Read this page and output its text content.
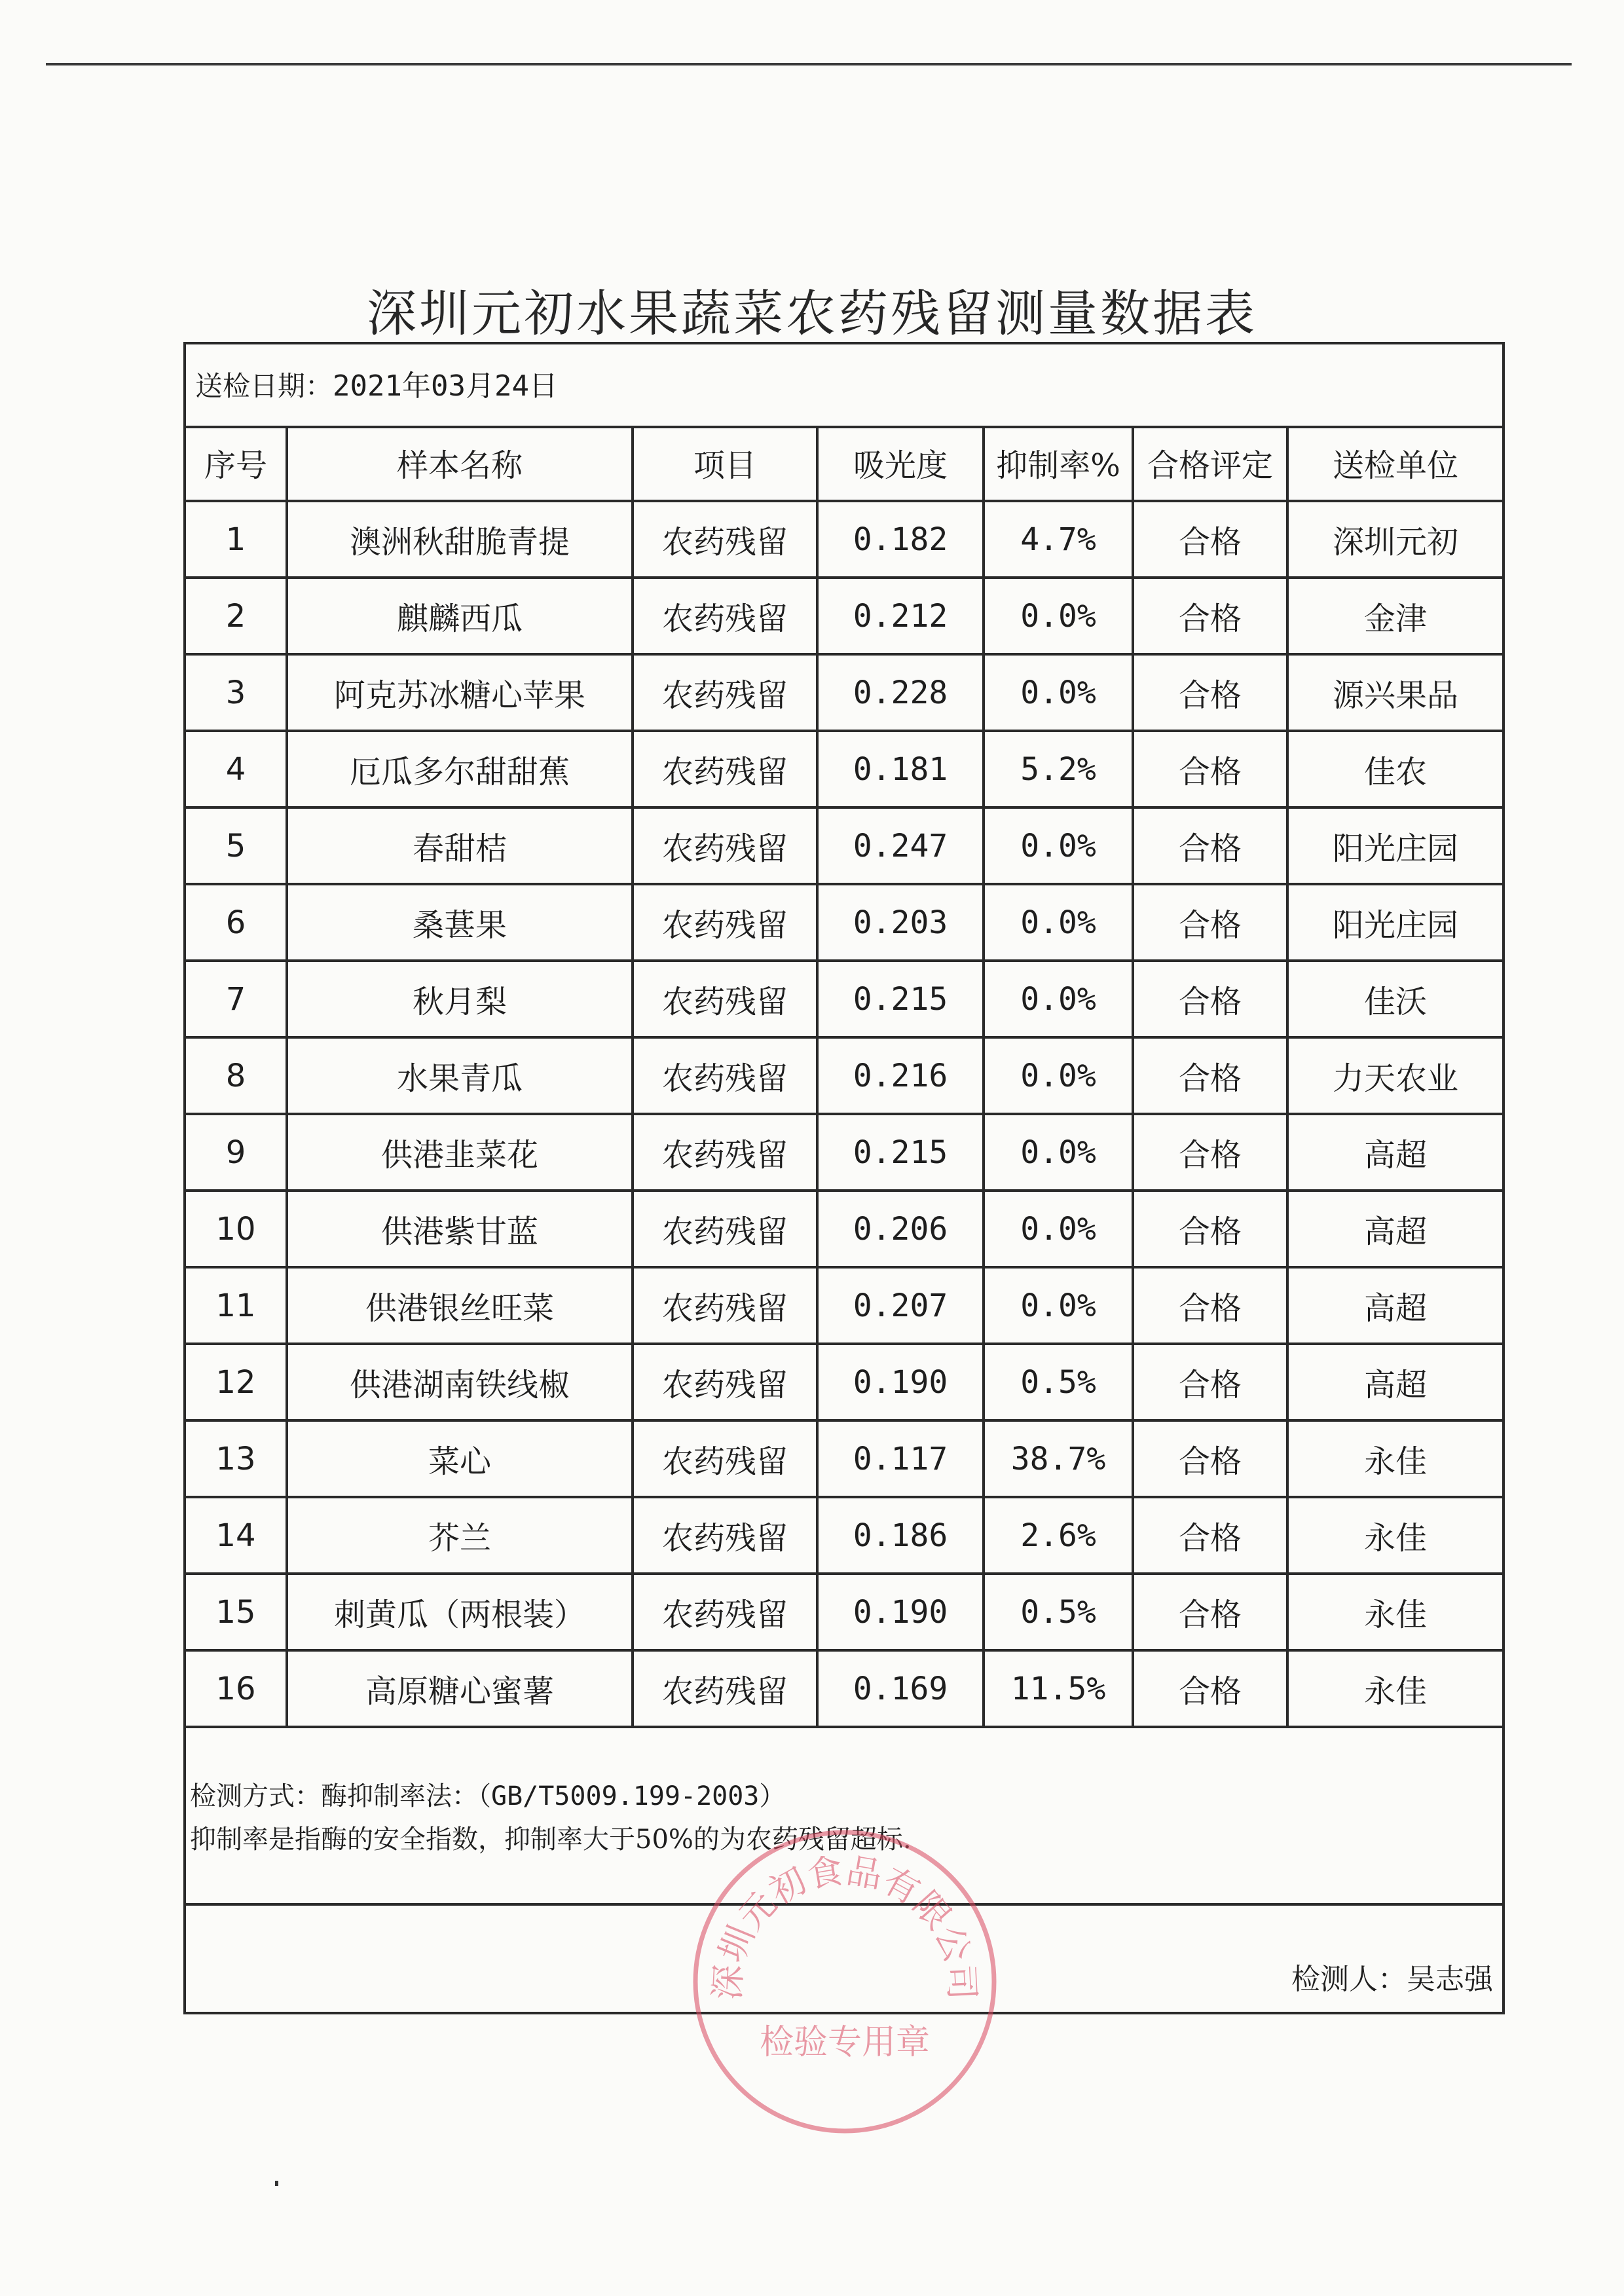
深圳元初水果蔬菜农药残留测量数据表
送检日期：2021年03月24日
序号	样本名称	项目	吸光度	抑制率%	合格评定	送检单位
1	澳洲秋甜脆青提	农药残留	0.182	4.7%	合格	深圳元初
2	麒麟西瓜	农药残留	0.212	0.0%	合格	金津
3	阿克苏冰糖心苹果	农药残留	0.228	0.0%	合格	源兴果品
4	厄瓜多尔甜甜蕉	农药残留	0.181	5.2%	合格	佳农
5	春甜桔	农药残留	0.247	0.0%	合格	阳光庄园
6	桑葚果	农药残留	0.203	0.0%	合格	阳光庄园
7	秋月梨	农药残留	0.215	0.0%	合格	佳沃
8	水果青瓜	农药残留	0.216	0.0%	合格	力天农业
9	供港韭菜花	农药残留	0.215	0.0%	合格	高超
10	供港紫甘蓝	农药残留	0.206	0.0%	合格	高超
11	供港银丝旺菜	农药残留	0.207	0.0%	合格	高超
12	供港湖南铁线椒	农药残留	0.190	0.5%	合格	高超
13	菜心	农药残留	0.117	38.7%	合格	永佳
14	芥兰	农药残留	0.186	2.6%	合格	永佳
15	刺黄瓜（两根装）	农药残留	0.190	0.5%	合格	永佳
16	高原糖心蜜薯	农药残留	0.169	11.5%	合格	永佳
检测方式：酶抑制率法：（GB/T5009.199-2003）
抑制率是指酶的安全指数，抑制率大于50%的为农药残留超标.
检测人：吴志强
深圳元初食品有限公司
检验专用章
